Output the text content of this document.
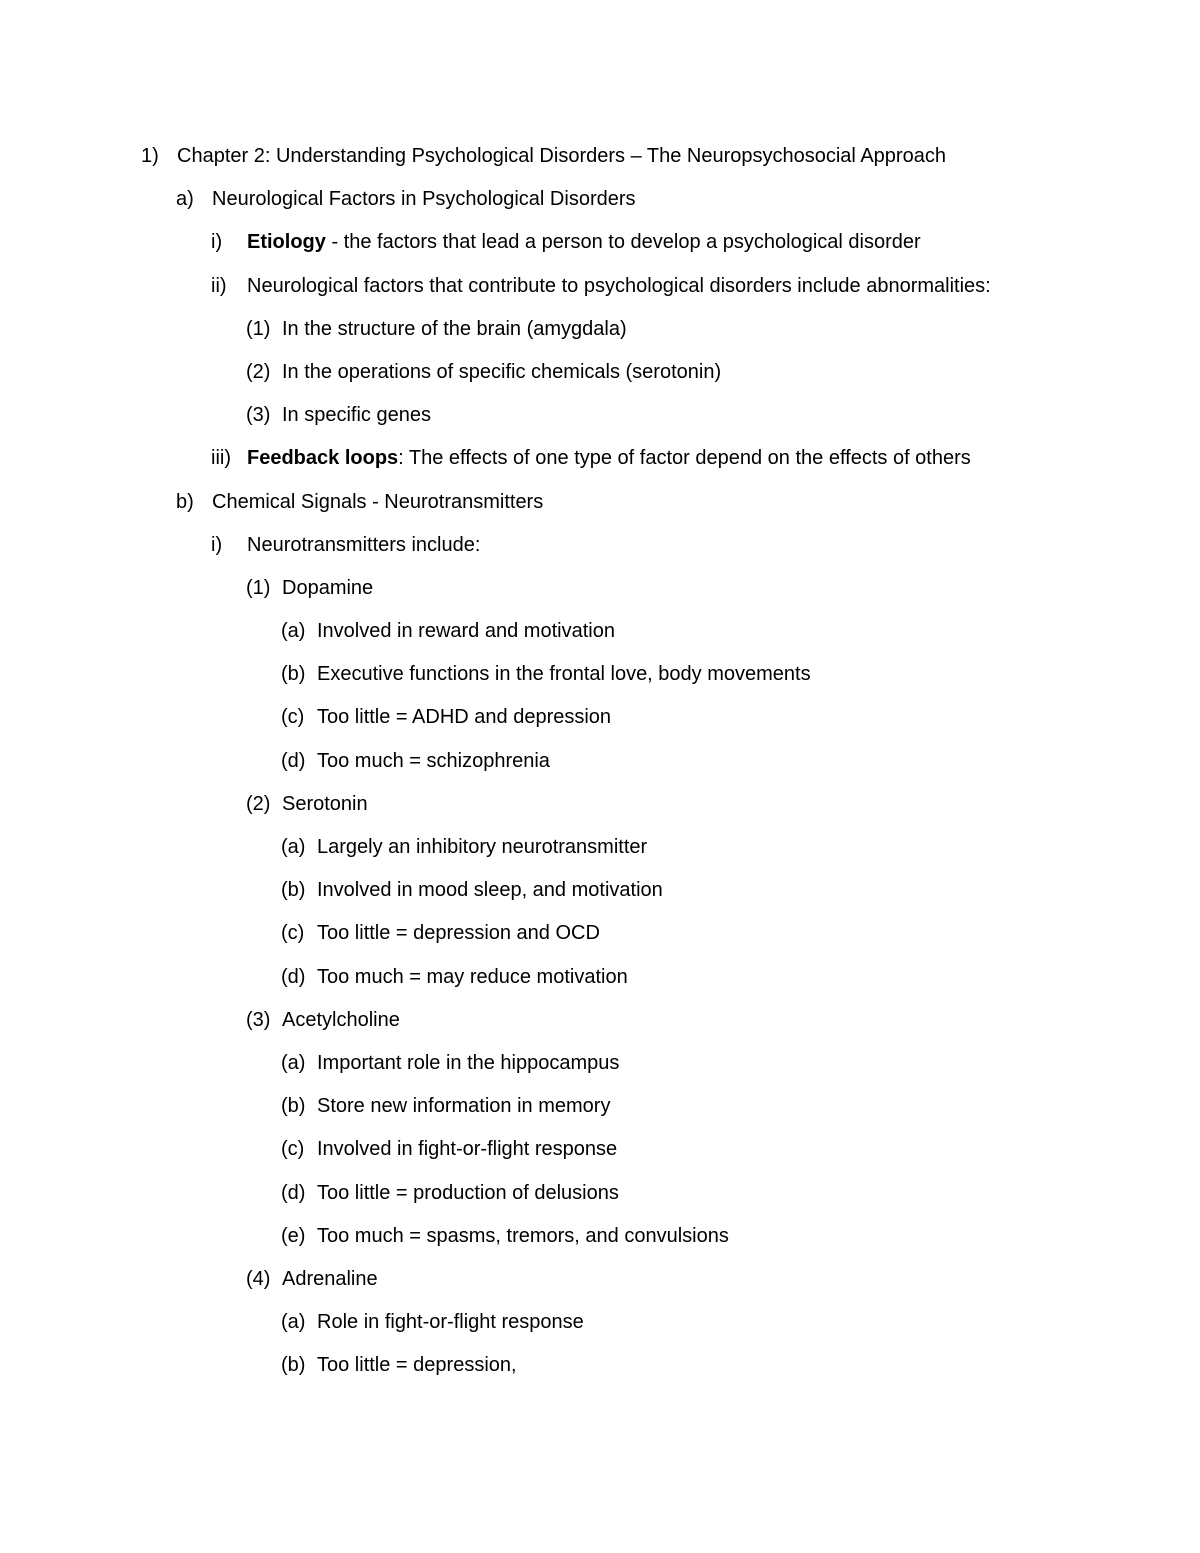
1) Chapter 2: Understanding Psychological Disorders – The Neuropsychosocial Approach
a) Neurological Factors in Psychological Disorders
i) Etiology - the factors that lead a person to develop a psychological disorder
ii) Neurological factors that contribute to psychological disorders include abnormalities:
(1) In the structure of the brain (amygdala)
(2) In the operations of specific chemicals (serotonin)
(3) In specific genes
iii) Feedback loops: The effects of one type of factor depend on the effects of others
b) Chemical Signals - Neurotransmitters
i) Neurotransmitters include:
(1) Dopamine
(a) Involved in reward and motivation
(b) Executive functions in the frontal love, body movements
(c) Too little = ADHD and depression
(d) Too much = schizophrenia
(2) Serotonin
(a) Largely an inhibitory neurotransmitter
(b) Involved in mood sleep, and motivation
(c) Too little = depression and OCD
(d) Too much = may reduce motivation
(3) Acetylcholine
(a) Important role in the hippocampus
(b) Store new information in memory
(c) Involved in fight-or-flight response
(d) Too little = production of delusions
(e) Too much = spasms, tremors, and convulsions
(4) Adrenaline
(a) Role in fight-or-flight response
(b) Too little = depression,
